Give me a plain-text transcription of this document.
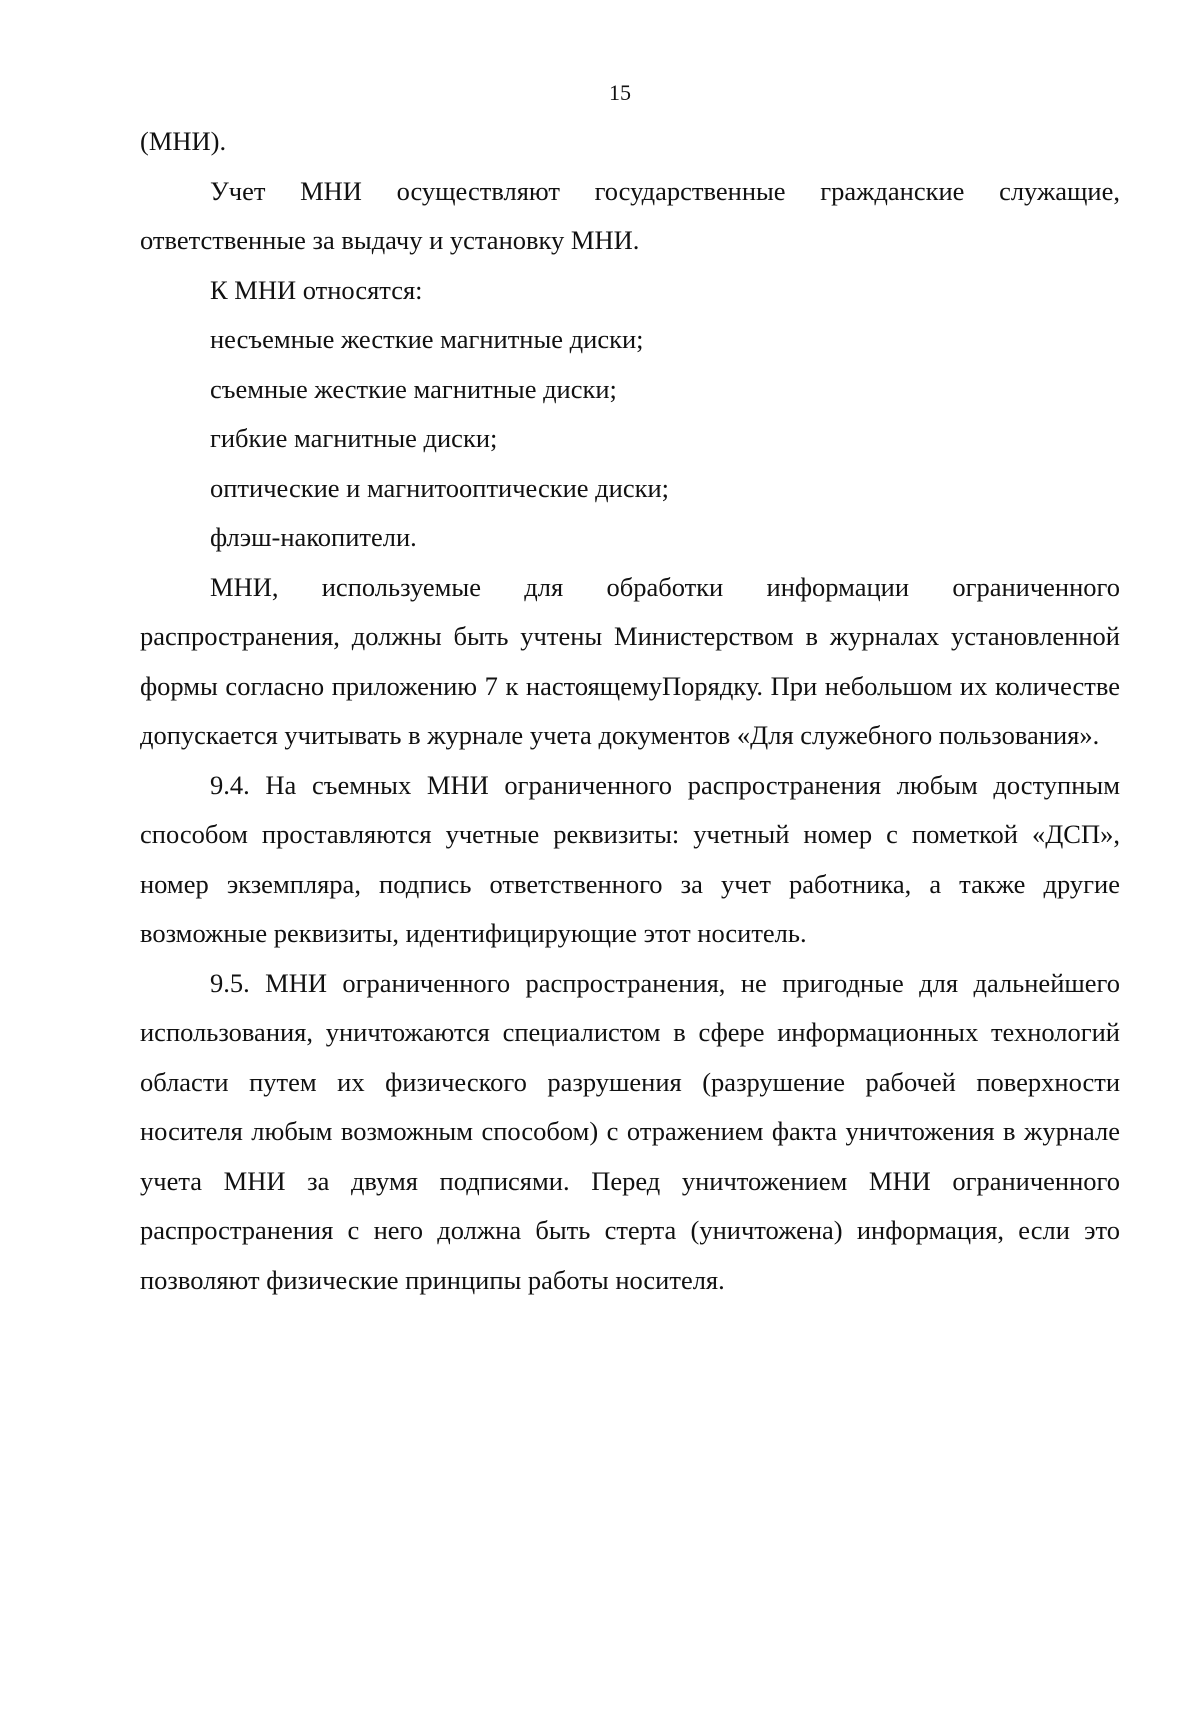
15

(МНИ).

Учет МНИ осуществляют государственные гражданские служащие, ответственные за выдачу и установку МНИ.

К МНИ относятся:

несъемные жесткие магнитные диски;

съемные жесткие магнитные диски;

гибкие магнитные диски;

оптические и магнитооптические диски;

флэш-накопители.

МНИ, используемые для обработки информации ограниченного распространения, должны быть учтены Министерством в журналах установленной формы согласно приложению 7 к настоящемуПорядку. При небольшом их количестве допускается учитывать в журнале учета документов «Для служебного пользования».

9.4. На съемных МНИ ограниченного распространения любым доступным способом проставляются учетные реквизиты: учетный номер с пометкой «ДСП», номер экземпляра, подпись ответственного за учет работника, а также другие возможные реквизиты, идентифицирующие этот носитель.

9.5. МНИ ограниченного распространения, не пригодные для дальнейшего использования, уничтожаются специалистом в сфере информационных технологий области путем их физического разрушения (разрушение рабочей поверхности носителя любым возможным способом) с отражением факта уничтожения в журнале учета МНИ за двумя подписями. Перед уничтожением МНИ ограниченного распространения с него должна быть стерта (уничтожена) информация, если это позволяют физические принципы работы носителя.
